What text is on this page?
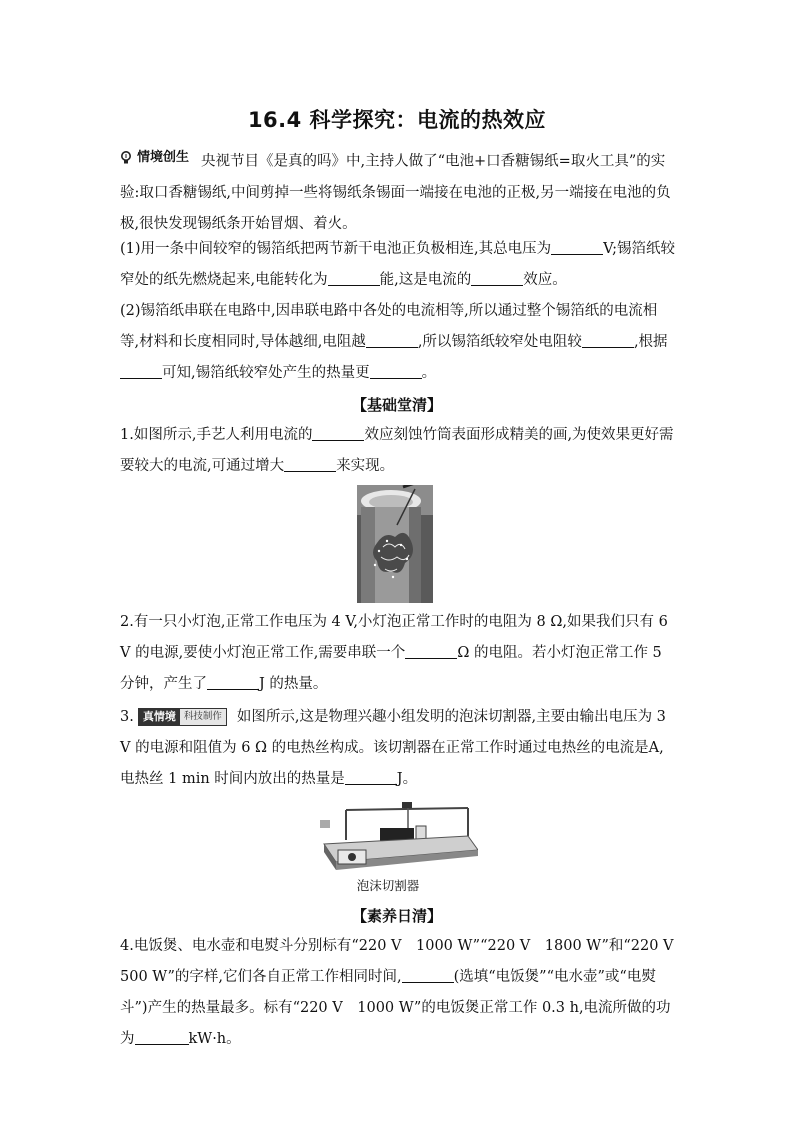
16.4 科学探究：电流的热效应
情境创生 央视节目《是真的吗》中,主持人做了“电池+口香糖锡纸=取火工具”的实验:取口香糖锡纸,中间剪掉一些将锡纸条锡面一端接在电池的正极,另一端接在电池的负极,很快发现锡纸条开始冒烟、着火。
(1)用一条中间较窄的锡箔纸把两节新干电池正负极相连,其总电压为	V;锡箔纸较窄处的纸先燃烧起来,电能转化为	能,这是电流的	效应。
(2)锡箔纸串联在电路中,因串联电路中各处的电流相等,所以通过整个锡箔纸的电流相等,材料和长度相同时,导体越细,电阻越	,所以锡箔纸较窄处电阻较	,根据可知,锡箔纸较窄处产生的热量更	。
【基础堂清】
1.如图所示,手艺人利用电流的	效应刻蚀竹筒表面形成精美的画,为使效果更好需要较大的电流,可通过增大	来实现。
2.有一只小灯泡,正常工作电压为 4 V,小灯泡正常工作时的电阻为 8 Ω,如果我们只有 6 V 的电源,要使小灯泡正常工作,需要串联一个	Ω 的电阻。若小灯泡正常工作 5 分钟，产生了	J 的热量。
3. 真情境 科技制作 如图所示,这是物理兴趣小组发明的泡沫切割器,主要由输出电压为 3 V 的电源和阻值为 6 Ω 的电热丝构成。该切割器在正常工作时通过电热丝的电流是A,电热丝 1 min 时间内放出的热量是	J。
泡沫切割器
【素养日清】
4.电饭煲、电水壶和电熨斗分别标有“220 V　1000 W”“220 V　1800 W”和“220 V　500 W”的字样,它们各自正常工作相同时间,	(选填“电饭煲”“电水壶”或“电熨斗”)产生的热量最多。标有“220 V　1000 W”的电饭煲正常工作 0.3 h,电流所做的功为	kW·h。
